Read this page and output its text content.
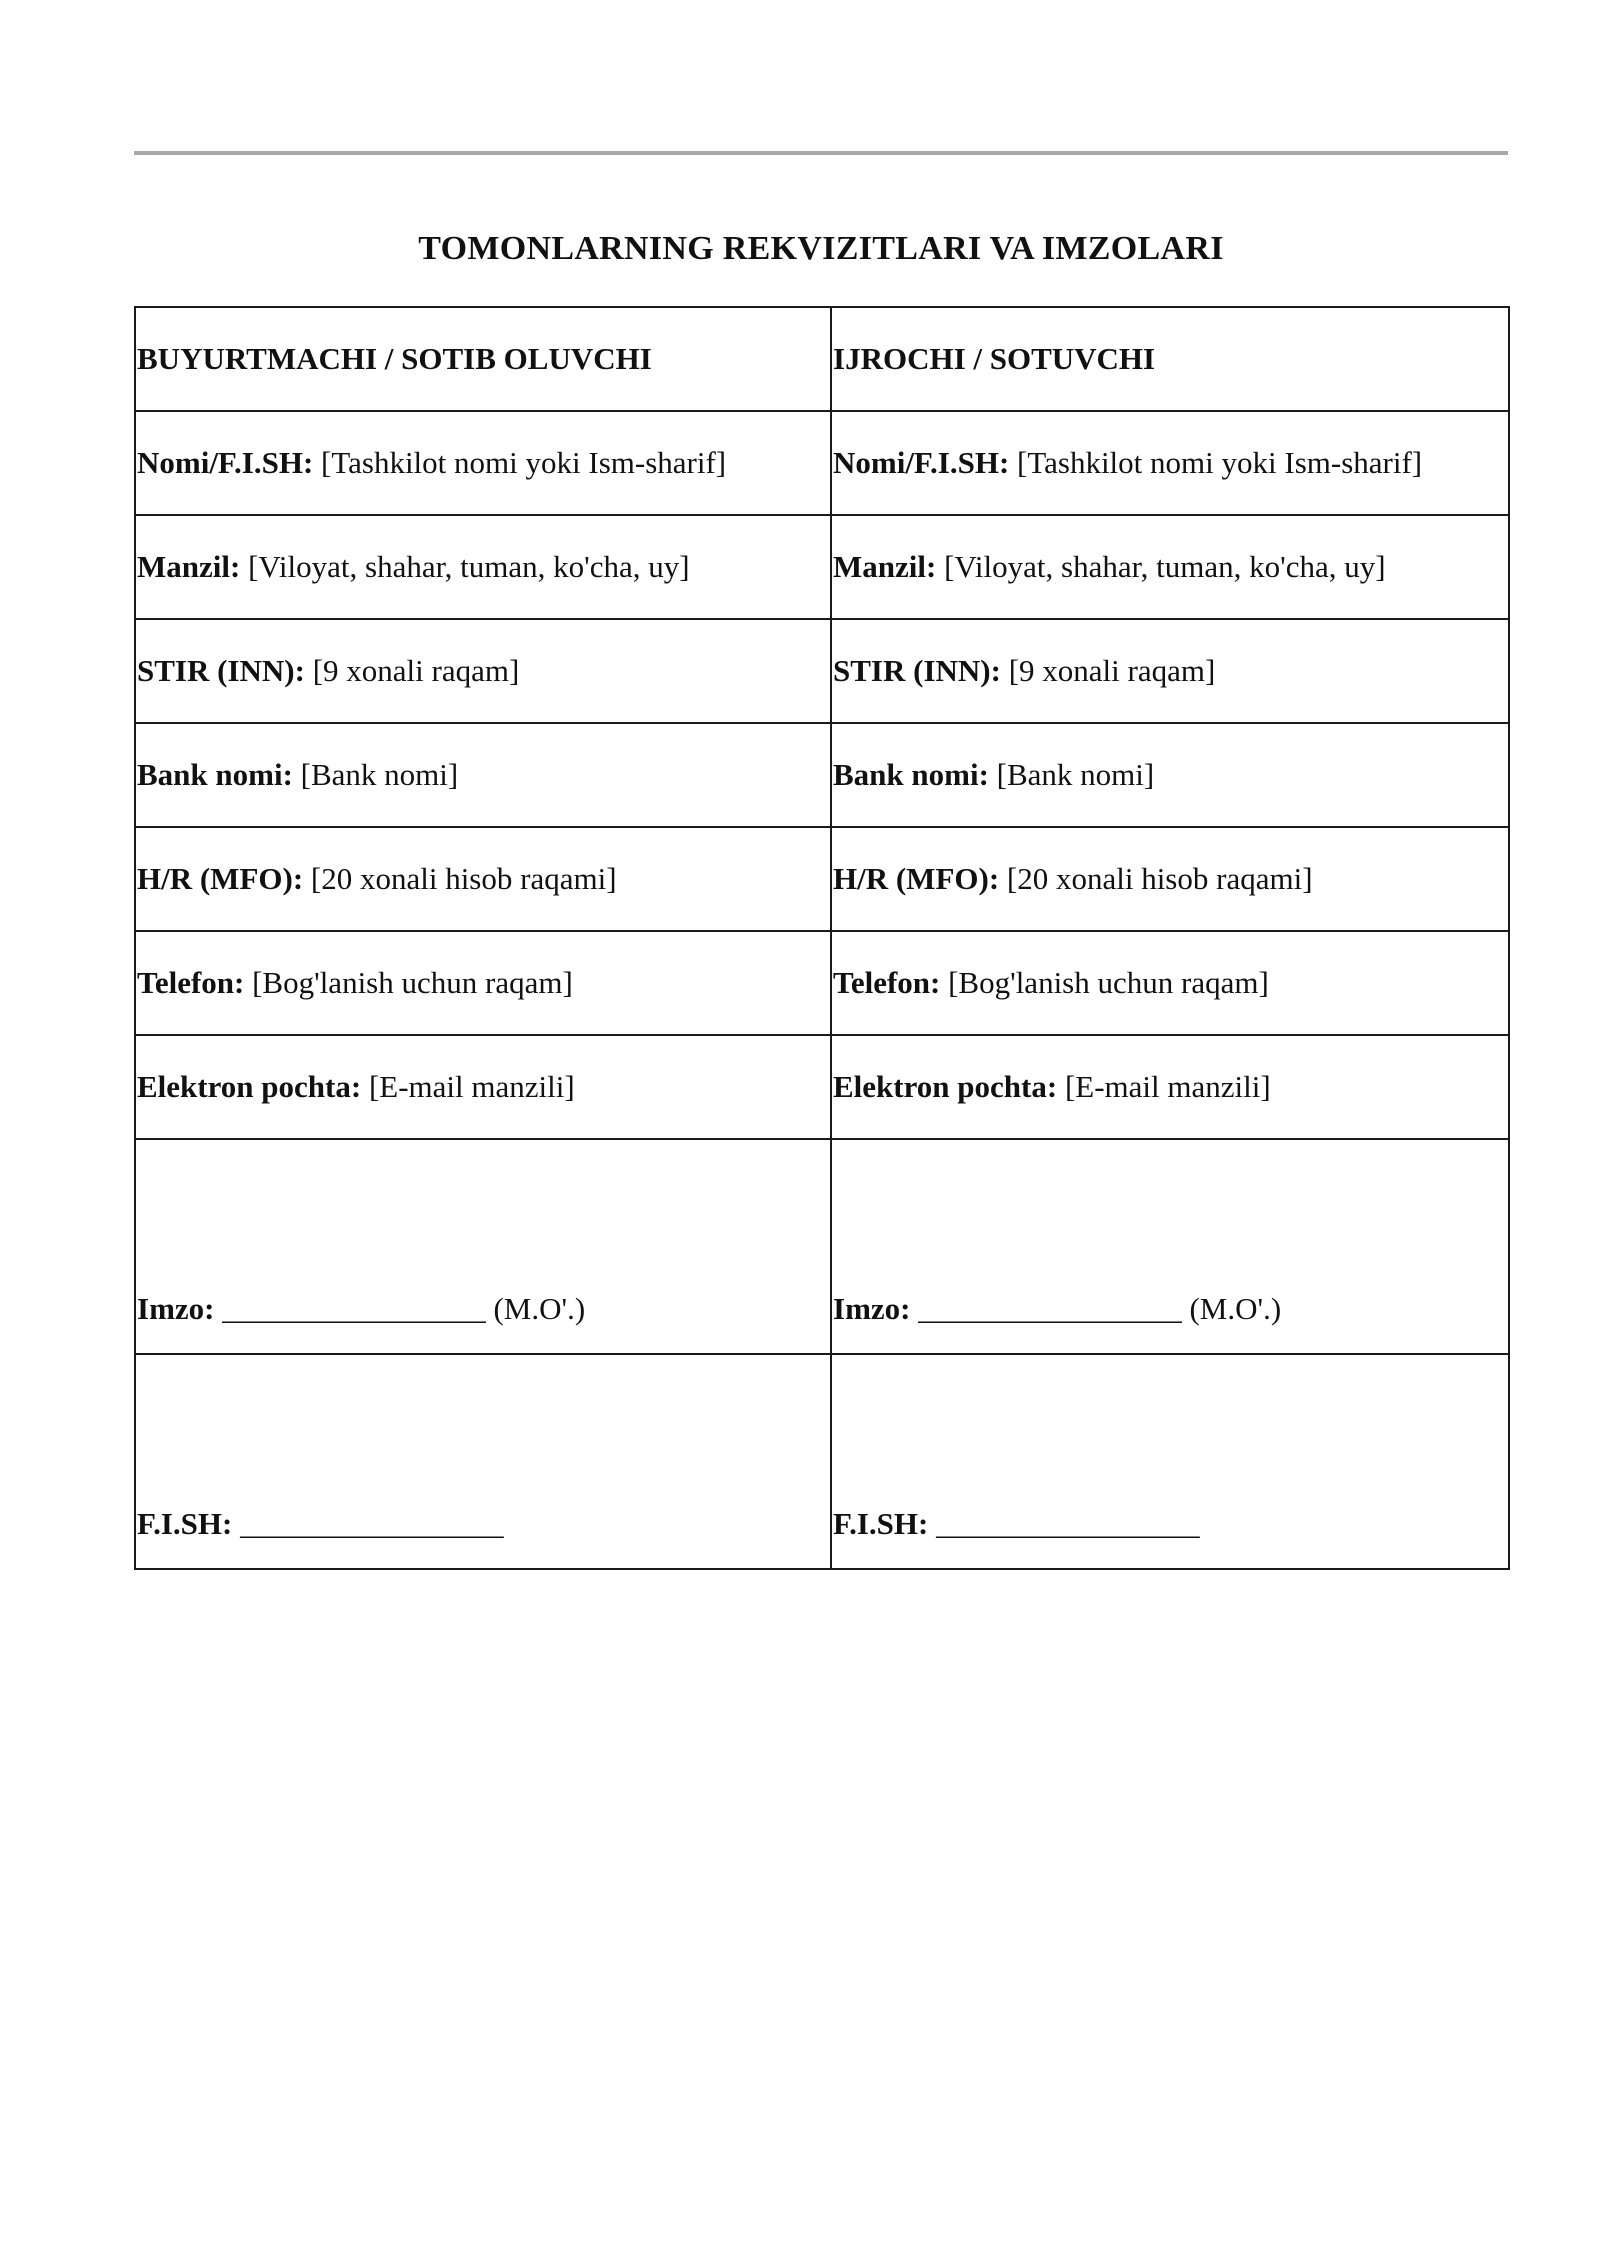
TOMONLARNING REKVIZITLARI VA IMZOLARI
BUYURTMACHI / SOTIB OLUVCHI	IJROCHI / SOTUVCHI
Nomi/F.I.SH: [Tashkilot nomi yoki Ism-sharif]	Nomi/F.I.SH: [Tashkilot nomi yoki Ism-sharif]
Manzil: [Viloyat, shahar, tuman, ko'cha, uy]	Manzil: [Viloyat, shahar, tuman, ko'cha, uy]
STIR (INN): [9 xonali raqam]	STIR (INN): [9 xonali raqam]
Bank nomi: [Bank nomi]	Bank nomi: [Bank nomi]
H/R (MFO): [20 xonali hisob raqami]	H/R (MFO): [20 xonali hisob raqami]
Telefon: [Bog'lanish uchun raqam]	Telefon: [Bog'lanish uchun raqam]
Elektron pochta: [E-mail manzili]	Elektron pochta: [E-mail manzili]
Imzo: _________________ (M.O'.)	Imzo: _________________ (M.O'.)
F.I.SH: _________________	F.I.SH: _________________
